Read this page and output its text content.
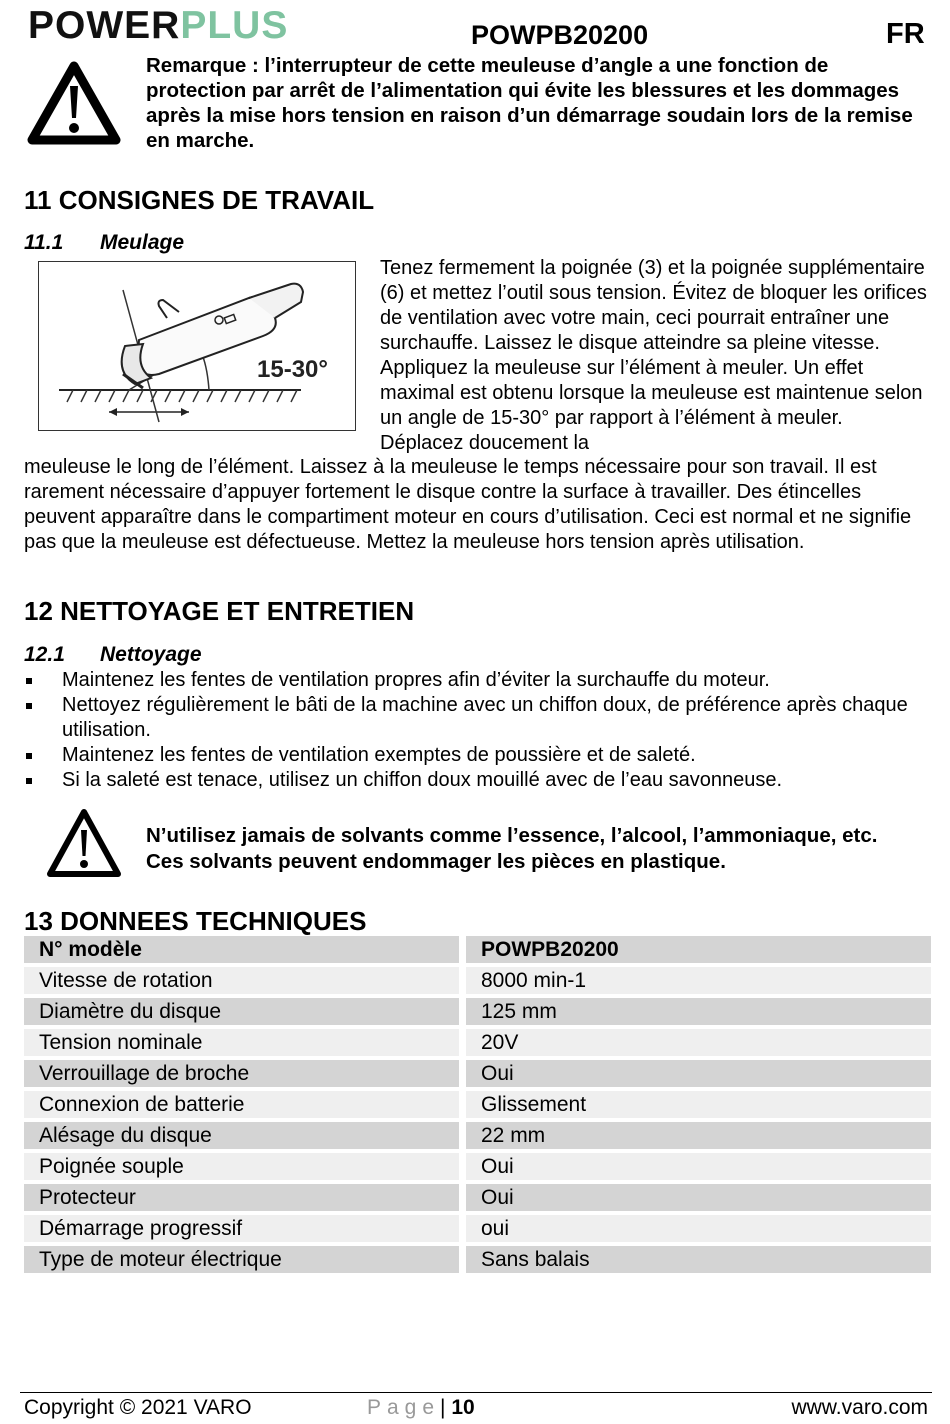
POWERPLUS	POWPB20200	FR
Remarque : l’interrupteur de cette meuleuse d’angle a une fonction de protection par arrêt de l’alimentation qui évite les blessures et les dommages après la mise hors tension en raison d’un démarrage soudain lors de la remise en marche.
11 CONSIGNES DE TRAVAIL
11.1 Meulage
15-30°
Tenez fermement la poignée (3) et la poignée supplémentaire (6) et mettez l’outil sous tension. Évitez de bloquer les orifices de ventilation avec votre main, ceci pourrait entraîner une surchauffe. Laissez le disque atteindre sa pleine vitesse. Appliquez la meuleuse sur l’élément à meuler. Un effet maximal est obtenu lorsque la meuleuse est maintenue selon un angle de 15-30° par rapport à l’élément à meuler. Déplacez doucement la
meuleuse le long de l’élément. Laissez à la meuleuse le temps nécessaire pour son travail. Il est rarement nécessaire d’appuyer fortement le disque contre la surface à travailler. Des étincelles peuvent apparaître dans le compartiment moteur en cours d’utilisation. Ceci est normal et ne signifie pas que la meuleuse est défectueuse. Mettez la meuleuse hors tension après utilisation.
12 NETTOYAGE ET ENTRETIEN
12.1 Nettoyage
Maintenez les fentes de ventilation propres afin d’éviter la surchauffe du moteur.
Nettoyez régulièrement le bâti de la machine avec un chiffon doux, de préférence après chaque utilisation.
Maintenez les fentes de ventilation exemptes de poussière et de saleté.
Si la saleté est tenace, utilisez un chiffon doux mouillé avec de l’eau savonneuse.
N’utilisez jamais de solvants comme l’essence, l’alcool, l’ammoniaque, etc.
Ces solvants peuvent endommager les pièces en plastique.
13 DONNEES TECHNIQUES
N° modèle		POWPB20200
Vitesse de rotation		8000 min-1
Diamètre du disque		125 mm
Tension nominale		20V
Verrouillage de broche		Oui
Connexion de batterie		Glissement
Alésage du disque		22 mm
Poignée souple		Oui
Protecteur		Oui
Démarrage progressif		oui
Type de moteur électrique		Sans balais
Copyright © 2021 VARO	Page| 10	www.varo.com
